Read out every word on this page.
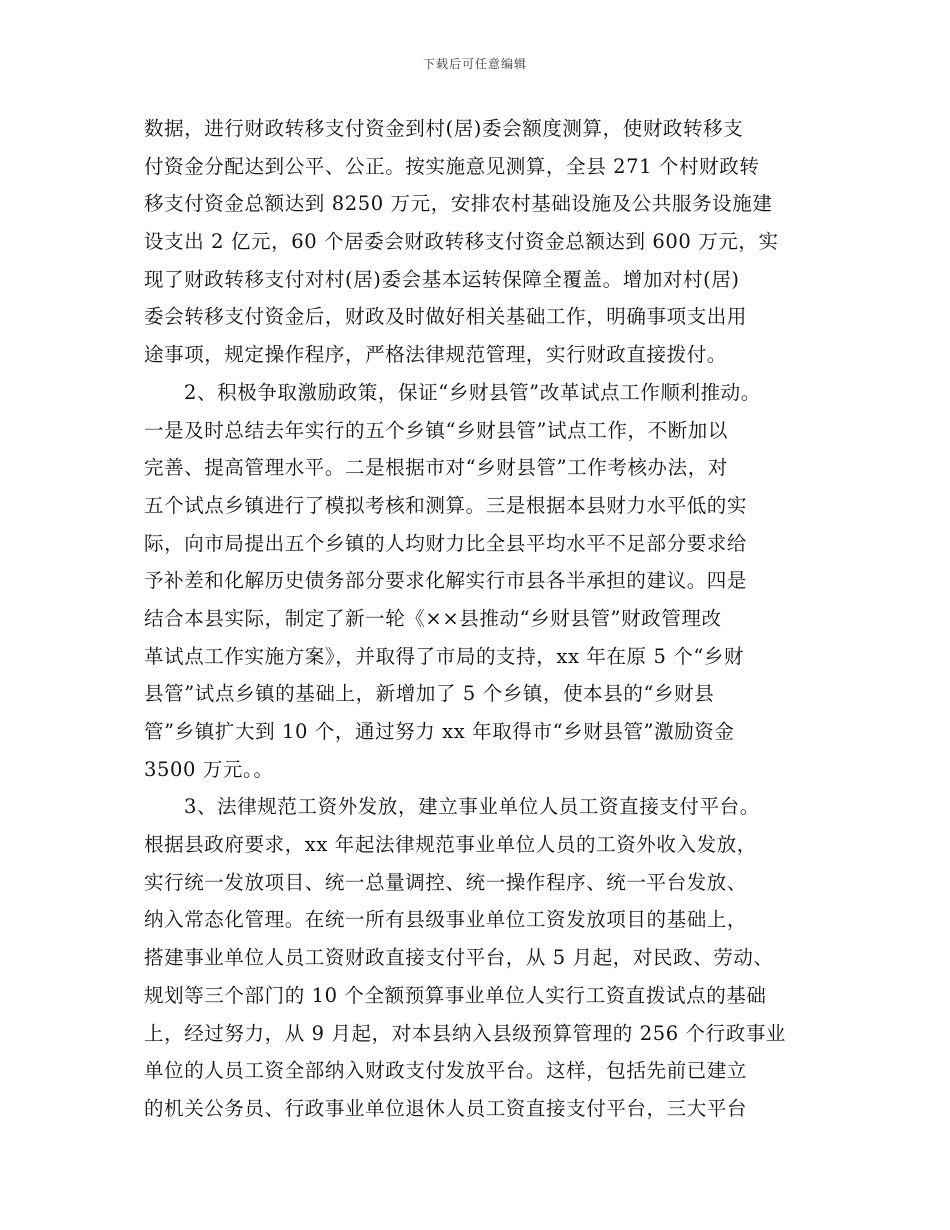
下载后可任意编辑
数据，进行财政转移支付资金到村(居)委会额度测算，使财政转移支
付资金分配达到公平、公正。按实施意见测算，全县 271 个村财政转
移支付资金总额达到 8250 万元，安排农村基础设施及公共服务设施建
设支出 2 亿元，60 个居委会财政转移支付资金总额达到 600 万元，实
现了财政转移支付对村(居)委会基本运转保障全覆盖。增加对村(居)
委会转移支付资金后，财政及时做好相关基础工作，明确事项支出用
途事项，规定操作程序，严格法律规范管理，实行财政直接拨付。
2、积极争取激励政策，保证“乡财县管”改革试点工作顺利推动。
一是及时总结去年实行的五个乡镇“乡财县管”试点工作，不断加以
完善、提高管理水平。二是根据市对“乡财县管”工作考核办法，对
五个试点乡镇进行了模拟考核和测算。三是根据本县财力水平低的实
际，向市局提出五个乡镇的人均财力比全县平均水平不足部分要求给
予补差和化解历史债务部分要求化解实行市县各半承担的建议。四是
结合本县实际，制定了新一轮《××县推动“乡财县管”财政管理改
革试点工作实施方案》，并取得了市局的支持，xx 年在原 5 个“乡财
县管”试点乡镇的基础上，新增加了 5 个乡镇，使本县的“乡财县
管”乡镇扩大到 10 个，通过努力 xx 年取得市“乡财县管”激励资金
3500 万元。。
3、法律规范工资外发放，建立事业单位人员工资直接支付平台。
根据县政府要求，xx 年起法律规范事业单位人员的工资外收入发放，
实行统一发放项目、统一总量调控、统一操作程序、统一平台发放、
纳入常态化管理。在统一所有县级事业单位工资发放项目的基础上，
搭建事业单位人员工资财政直接支付平台，从 5 月起，对民政、劳动、
规划等三个部门的 10 个全额预算事业单位人实行工资直拨试点的基础
上，经过努力，从 9 月起，对本县纳入县级预算管理的 256 个行政事业
单位的人员工资全部纳入财政支付发放平台。这样，包括先前已建立
的机关公务员、行政事业单位退休人员工资直接支付平台，三大平台
